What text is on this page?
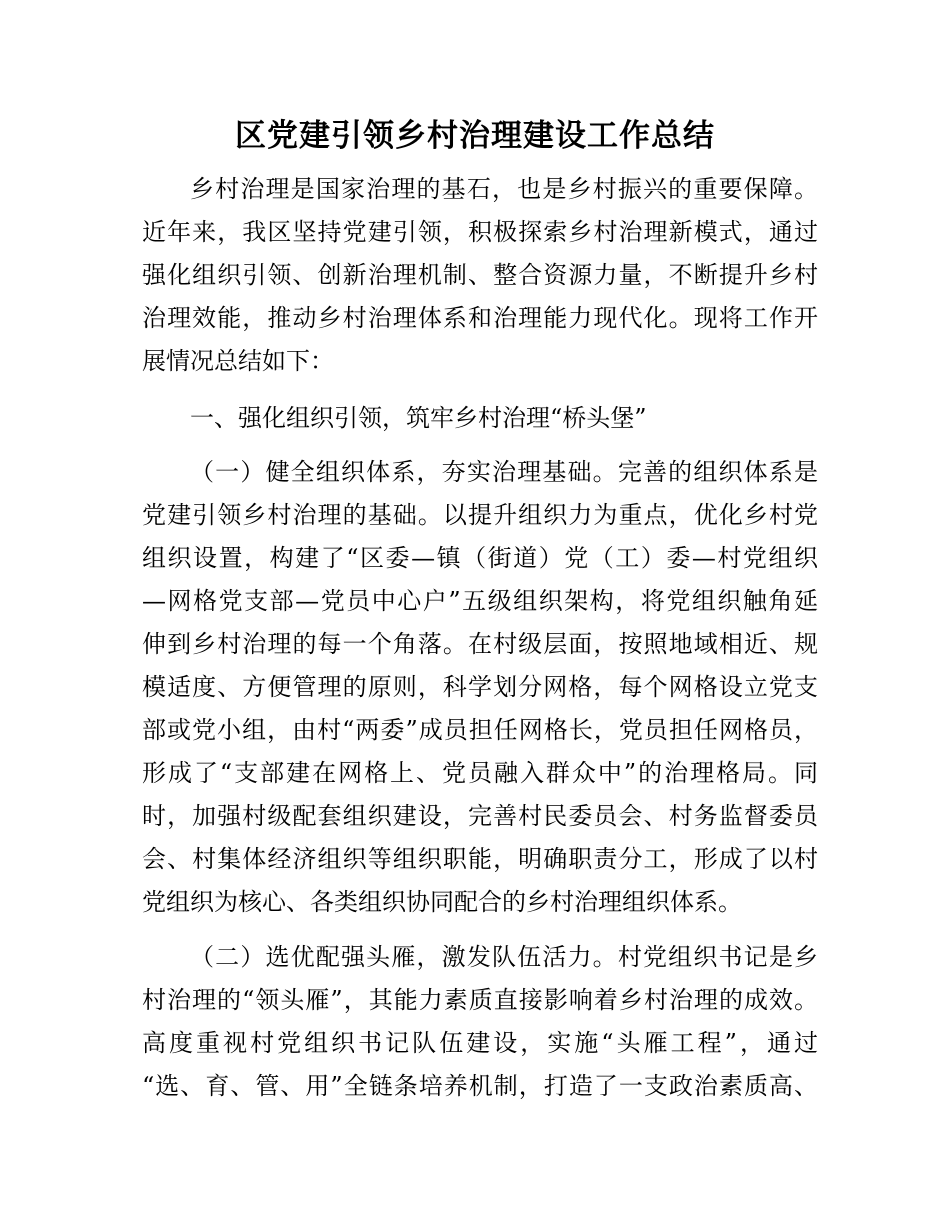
区党建引领乡村治理建设工作总结
乡村治理是国家治理的基石，也是乡村振兴的重要保障。
近年来，我区坚持党建引领，积极探索乡村治理新模式，通过
强化组织引领、创新治理机制、整合资源力量，不断提升乡村
治理效能，推动乡村治理体系和治理能力现代化。现将工作开
展情况总结如下：
一、强化组织引领，筑牢乡村治理“桥头堡”
（一）健全组织体系，夯实治理基础。完善的组织体系是
党建引领乡村治理的基础。以提升组织力为重点，优化乡村党
组织设置，构建了“区委—镇（街道）党（工）委—村党组织
—网格党支部—党员中心户”五级组织架构，将党组织触角延
伸到乡村治理的每一个角落。在村级层面，按照地域相近、规
模适度、方便管理的原则，科学划分网格，每个网格设立党支
部或党小组，由村“两委”成员担任网格长，党员担任网格员，
形成了“支部建在网格上、党员融入群众中”的治理格局。同
时，加强村级配套组织建设，完善村民委员会、村务监督委员
会、村集体经济组织等组织职能，明确职责分工，形成了以村
党组织为核心、各类组织协同配合的乡村治理组织体系。
（二）选优配强头雁，激发队伍活力。村党组织书记是乡
村治理的“领头雁”，其能力素质直接影响着乡村治理的成效。
高度重视村党组织书记队伍建设，实施“头雁工程”，通过
“选、育、管、用”全链条培养机制，打造了一支政治素质高、
